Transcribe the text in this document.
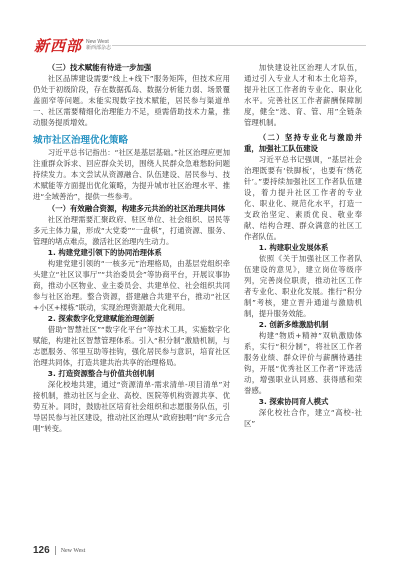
新西部 New West
新西部杂志

（三）技术赋能有待进一步加强

社区品牌建设需要“线上+线下”服务矩阵，但技术应用仍处于初级阶段，存在数据孤岛、数据分析能力弱、场景覆盖面窄等问题。未能实现数字技术赋能，居民参与渠道单一、社区需要精细化治理能力不足，亟需借助技术力量，推动服务提质增效。

城市社区治理优化策略

习近平总书记指出：“社区是基层基础。”社区治理应更加注重群众诉求、回应群众关切，围绕人民群众急难愁盼问题持续发力。本文尝试从资源融合、队伍建设、居民参与、技术赋能等方面提出优化策略，为提升城市社区治理水平、推进“全域善治”，提供一些参考。

（一）有效融合资源，构建多元共治的社区治理共同体

社区治理需要汇聚政府、驻区单位、社会组织、居民等多元主体力量，形成“大党委”“一盘棋”，打通资源、服务、管理的堵点难点，激活社区治理内生动力。

1. 构建党建引领下的协同治理体系

构建党建引领的“一核多元”治理格局，由基层党组织牵头建立“社区议事厅”“共治委员会”等协商平台，开展议事协商，推动小区物业、业主委员会、共建单位、社会组织共同参与社区治理。整合资源，搭建融合共建平台，推动“社区+小区+楼栋”联动，实现治理资源最大化利用。

2. 探索数字化党建赋能治理创新

借助“智慧社区”“数字化平台”等技术工具，实施数字化赋能，构建社区智慧管理体系。引入“积分制”激励机制，与志愿服务、邻里互助等挂钩，强化居民参与意识，培育社区治理共同体，打造共建共治共享的治理格局。

3. 打造资源整合与价值共创机制

深化校地共建，通过“资源清单-需求清单-项目清单”对接机制，推动社区与企业、高校、医院等机构资源共享、优势互补。同时，鼓励社区培育社会组织和志愿服务队伍，引导居民参与社区建设，推动社区治理从“政府独唱”向“多元合唱”转变。

加快建设社区治理人才队伍，通过引入专业人才和本土化培养，提升社区工作者的专业化、职业化水平。完善社区工作者薪酬保障制度，健全“选、育、管、用”全链条管理机制。

（二）坚持专业化与激励并重，加强社工队伍建设

习近平总书记强调，“基层社会治理既要有‘铁脚板’，也要有‘绣花针’。”要持续加强社区工作者队伍建设，着力提升社区工作者的专业化、职业化、规范化水平，打造一支政治坚定、素质优良、敬业奉献、结构合理、群众满意的社区工作者队伍。

1. 构建职业发展体系

依照《关于加强社区工作者队伍建设的意见》，建立岗位等级序列，完善岗位职责，推动社区工作者专业化、职业化发展。推行“积分制”考核，建立晋升通道与激励机制，提升服务效能。

2. 创新多维激励机制

构建“物质+精神”双轨激励体系，实行“积分制”，将社区工作者服务业绩、群众评价与薪酬待遇挂钩，开展“优秀社区工作者”评选活动，增强职业认同感、获得感和荣誉感。

3. 探索协同育人模式

深化校社合作，建立“高校-社区”

126 New West
